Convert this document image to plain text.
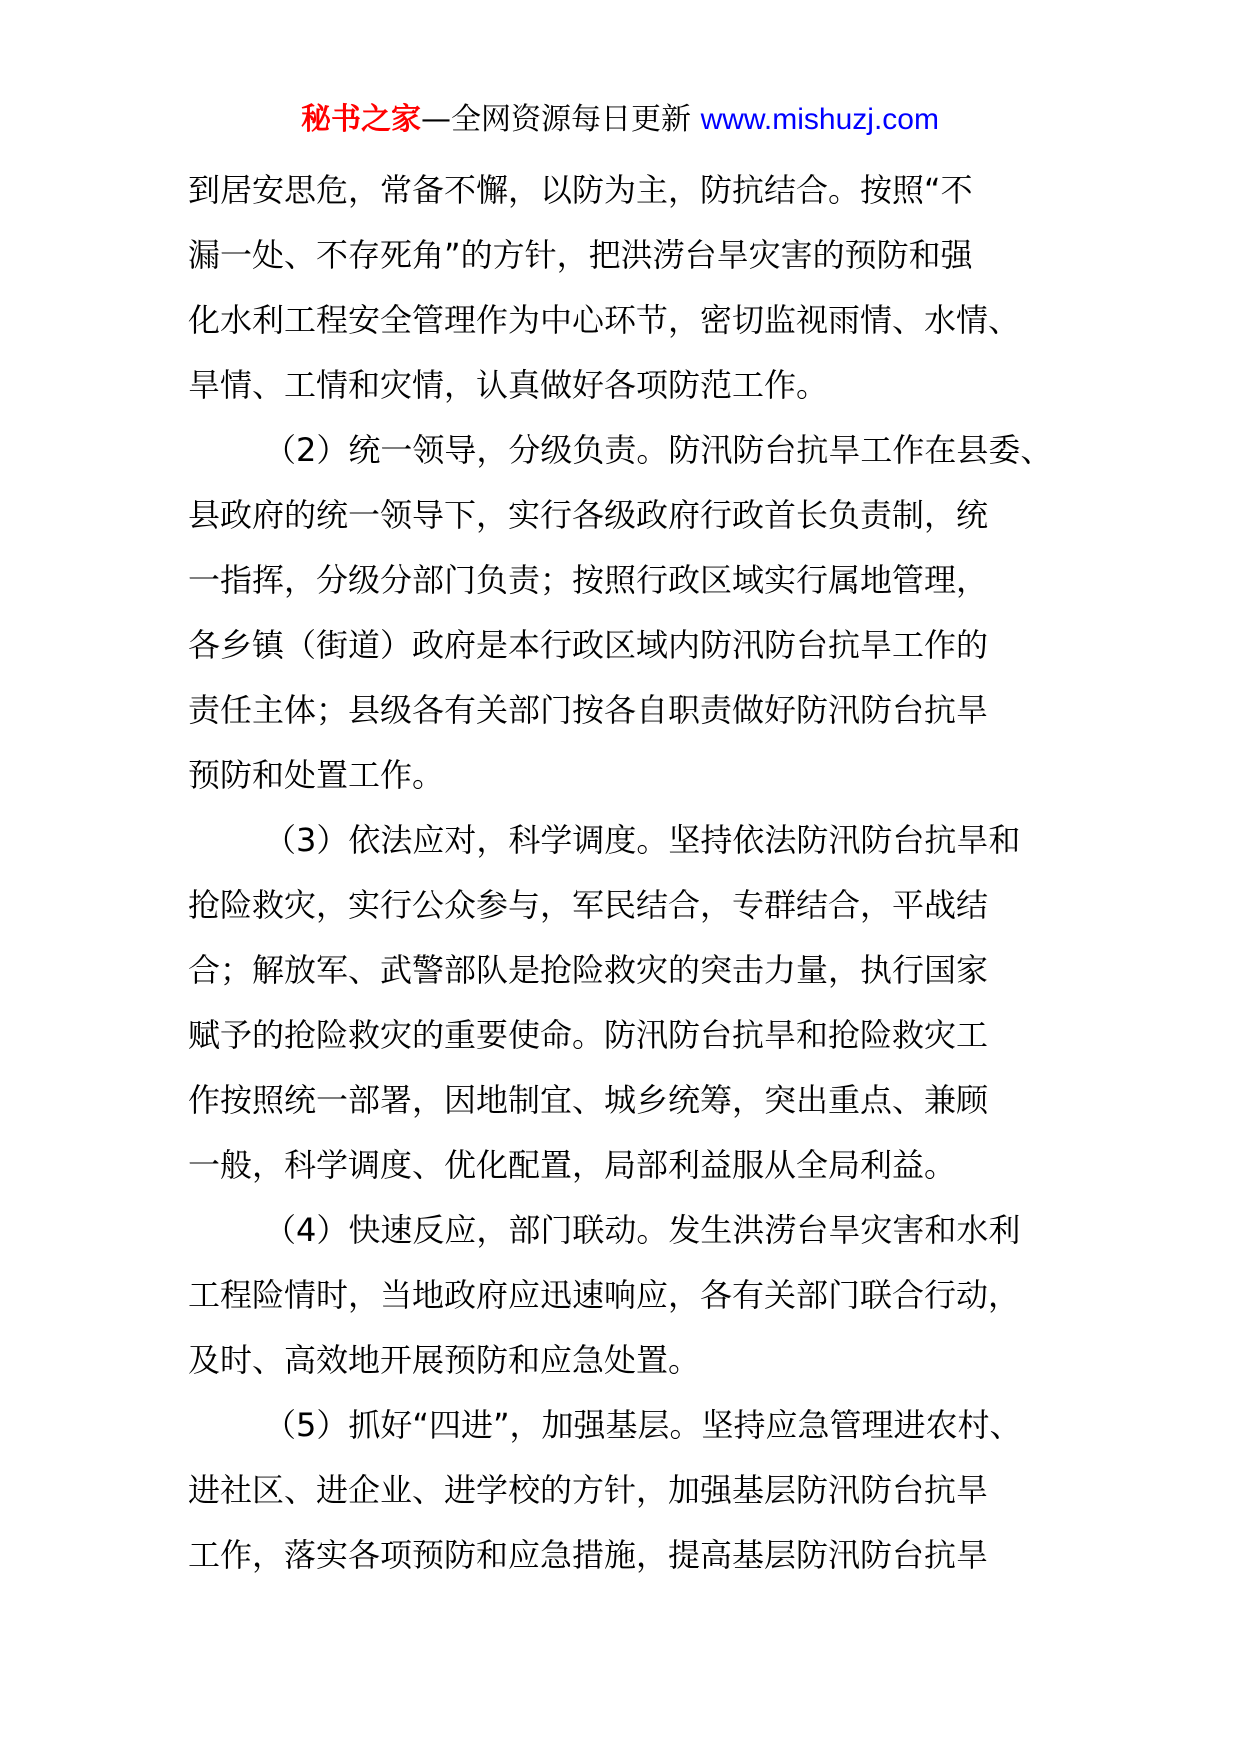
秘书之家—全网资源每日更新 www.mishuzj.com
到居安思危，常备不懈，以防为主，防抗结合。按照“不
漏一处、不存死角”的方针，把洪涝台旱灾害的预防和强
化水利工程安全管理作为中心环节，密切监视雨情、水情、
旱情、工情和灾情，认真做好各项防范工作。
（2）统一领导，分级负责。防汛防台抗旱工作在县委、
县政府的统一领导下，实行各级政府行政首长负责制，统
一指挥，分级分部门负责；按照行政区域实行属地管理，
各乡镇（街道）政府是本行政区域内防汛防台抗旱工作的
责任主体；县级各有关部门按各自职责做好防汛防台抗旱
预防和处置工作。
（3）依法应对，科学调度。坚持依法防汛防台抗旱和
抢险救灾，实行公众参与，军民结合，专群结合，平战结
合；解放军、武警部队是抢险救灾的突击力量，执行国家
赋予的抢险救灾的重要使命。防汛防台抗旱和抢险救灾工
作按照统一部署，因地制宜、城乡统筹，突出重点、兼顾
一般，科学调度、优化配置，局部利益服从全局利益。
（4）快速反应，部门联动。发生洪涝台旱灾害和水利
工程险情时，当地政府应迅速响应，各有关部门联合行动，
及时、高效地开展预防和应急处置。
（5）抓好“四进”，加强基层。坚持应急管理进农村、
进社区、进企业、进学校的方针，加强基层防汛防台抗旱
工作，落实各项预防和应急措施，提高基层防汛防台抗旱
